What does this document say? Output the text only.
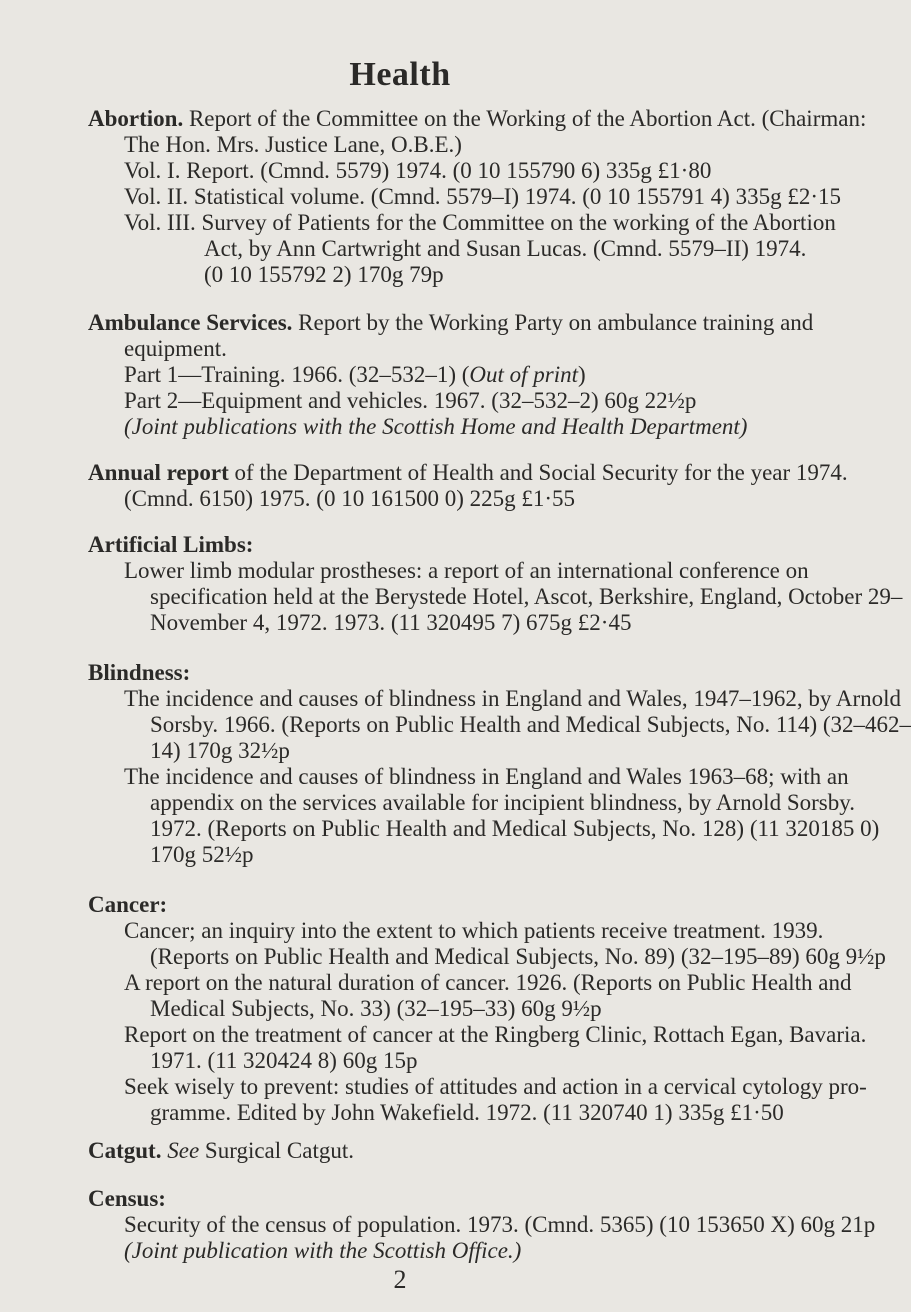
Health
Abortion. Report of the Committee on the Working of the Abortion Act. (Chairman:
The Hon. Mrs. Justice Lane, O.B.E.)
Vol. I. Report. (Cmnd. 5579) 1974. (0 10 155790 6) 335g £1·80
Vol. II. Statistical volume. (Cmnd. 5579–I) 1974. (0 10 155791 4) 335g £2·15
Vol. III. Survey of Patients for the Committee on the working of the Abortion
Act, by Ann Cartwright and Susan Lucas. (Cmnd. 5579–II) 1974.
(0 10 155792 2) 170g 79p
Ambulance Services. Report by the Working Party on ambulance training and
equipment.
Part 1—Training. 1966. (32–532–1) (Out of print)
Part 2—Equipment and vehicles. 1967. (32–532–2) 60g 22½p
(Joint publications with the Scottish Home and Health Department)
Annual report of the Department of Health and Social Security for the year 1974.
(Cmnd. 6150) 1975. (0 10 161500 0) 225g £1·55
Artificial Limbs:
Lower limb modular prostheses: a report of an international conference on
specification held at the Berystede Hotel, Ascot, Berkshire, England, October 29–
November 4, 1972. 1973. (11 320495 7) 675g £2·45
Blindness:
The incidence and causes of blindness in England and Wales, 1947–1962, by Arnold
Sorsby. 1966. (Reports on Public Health and Medical Subjects, No. 114) (32–462–
14) 170g 32½p
The incidence and causes of blindness in England and Wales 1963–68; with an
appendix on the services available for incipient blindness, by Arnold Sorsby.
1972. (Reports on Public Health and Medical Subjects, No. 128) (11 320185 0)
170g 52½p
Cancer:
Cancer; an inquiry into the extent to which patients receive treatment. 1939.
(Reports on Public Health and Medical Subjects, No. 89) (32–195–89) 60g 9½p
A report on the natural duration of cancer. 1926. (Reports on Public Health and
Medical Subjects, No. 33) (32–195–33) 60g 9½p
Report on the treatment of cancer at the Ringberg Clinic, Rottach Egan, Bavaria.
1971. (11 320424 8) 60g 15p
Seek wisely to prevent: studies of attitudes and action in a cervical cytology pro-
gramme. Edited by John Wakefield. 1972. (11 320740 1) 335g £1·50
Catgut. See Surgical Catgut.
Census:
Security of the census of population. 1973. (Cmnd. 5365) (10 153650 X) 60g 21p
(Joint publication with the Scottish Office.)
2
